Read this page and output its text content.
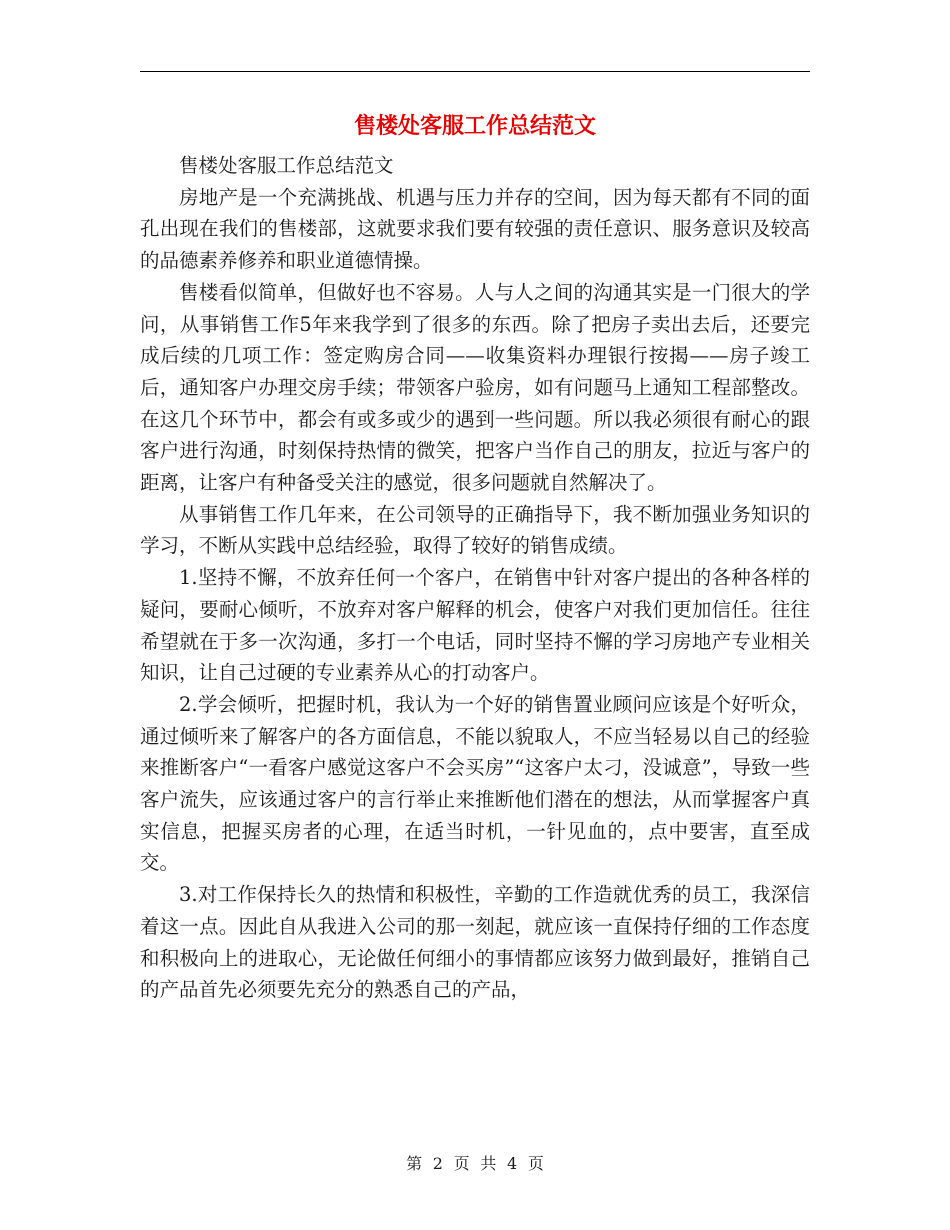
售楼处客服工作总结范文

售楼处客服工作总结范文

房地产是一个充满挑战、机遇与压力并存的空间，因为每天都有不同的面孔出现在我们的售楼部，这就要求我们要有较强的责任意识、服务意识及较高的品德素养修养和职业道德情操。

售楼看似简单，但做好也不容易。人与人之间的沟通其实是一门很大的学问，从事销售工作5年来我学到了很多的东西。除了把房子卖出去后，还要完成后续的几项工作：签定购房合同——收集资料办理银行按揭——房子竣工后，通知客户办理交房手续；带领客户验房，如有问题马上通知工程部整改。在这几个环节中，都会有或多或少的遇到一些问题。所以我必须很有耐心的跟客户进行沟通，时刻保持热情的微笑，把客户当作自己的朋友，拉近与客户的距离，让客户有种备受关注的感觉，很多问题就自然解决了。

从事销售工作几年来，在公司领导的正确指导下，我不断加强业务知识的学习，不断从实践中总结经验，取得了较好的销售成绩。

1.坚持不懈，不放弃任何一个客户，在销售中针对客户提出的各种各样的疑问，要耐心倾听，不放弃对客户解释的机会，使客户对我们更加信任。往往希望就在于多一次沟通，多打一个电话，同时坚持不懈的学习房地产专业相关知识，让自己过硬的专业素养从心的打动客户。

2.学会倾听，把握时机，我认为一个好的销售置业顾问应该是个好听众，通过倾听来了解客户的各方面信息，不能以貌取人，不应当轻易以自己的经验来推断客户“一看客户感觉这客户不会买房”“这客户太刁，没诚意”，导致一些客户流失，应该通过客户的言行举止来推断他们潜在的想法，从而掌握客户真实信息，把握买房者的心理，在适当时机，一针见血的，点中要害，直至成交。

3.对工作保持长久的热情和积极性，辛勤的工作造就优秀的员工，我深信着这一点。因此自从我进入公司的那一刻起，就应该一直保持仔细的工作态度和积极向上的进取心，无论做任何细小的事情都应该努力做到最好，推销自己的产品首先必须要先充分的熟悉自己的产品，

第 2 页 共 4 页
